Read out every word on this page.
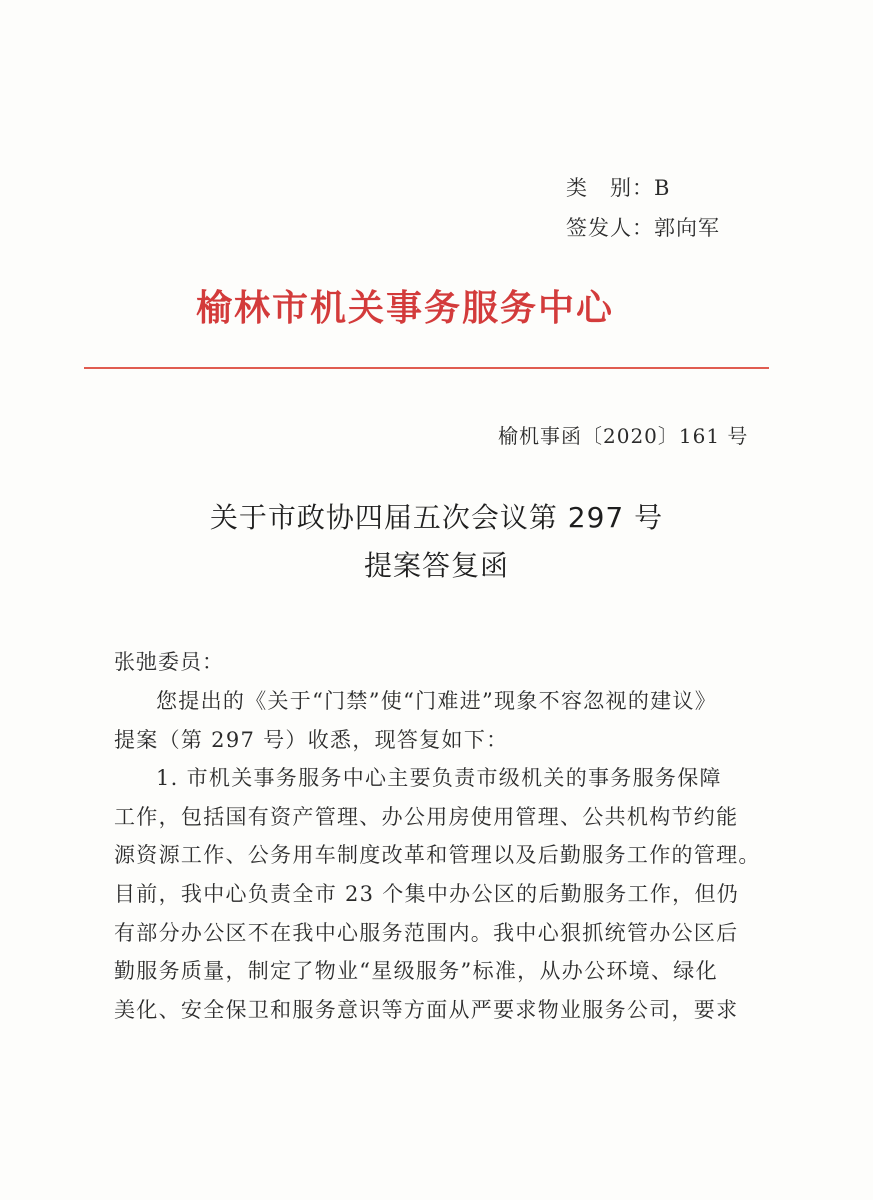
类　别：B
签发人：郭向军
榆林市机关事务服务中心
榆机事函〔2020〕161 号
关于市政协四届五次会议第 297 号
提案答复函
张弛委员：
您提出的《关于“门禁”使“门难进”现象不容忽视的建议》
提案（第 297 号）收悉，现答复如下：
1. 市机关事务服务中心主要负责市级机关的事务服务保障
工作，包括国有资产管理、办公用房使用管理、公共机构节约能
源资源工作、公务用车制度改革和管理以及后勤服务工作的管理。
目前，我中心负责全市 23 个集中办公区的后勤服务工作，但仍
有部分办公区不在我中心服务范围内。我中心狠抓统管办公区后
勤服务质量，制定了物业“星级服务”标准，从办公环境、绿化
美化、安全保卫和服务意识等方面从严要求物业服务公司，要求
